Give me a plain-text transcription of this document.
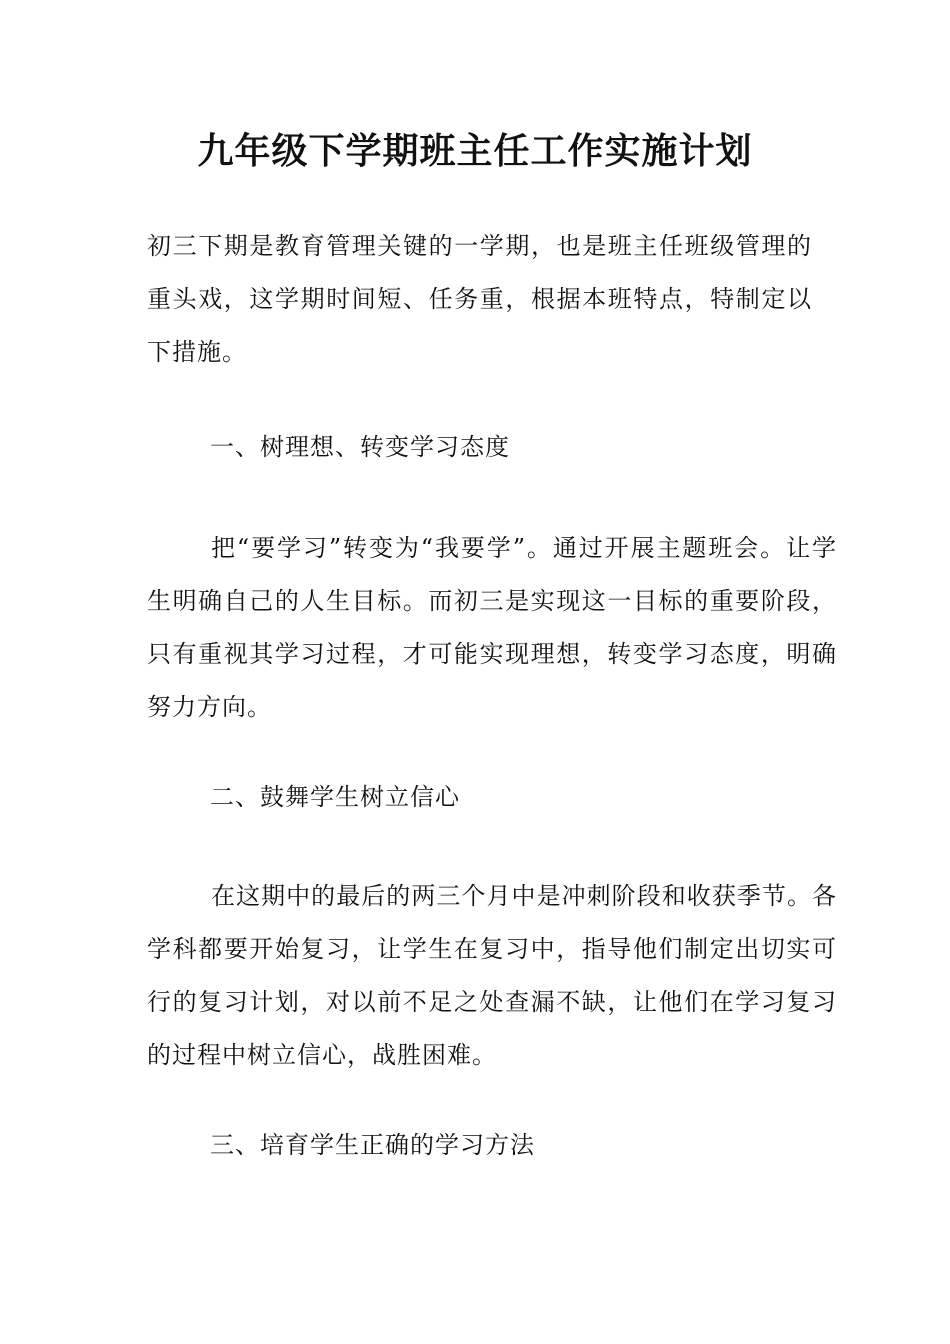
九年级下学期班主任工作实施计划

初三下期是教育管理关键的一学期，也是班主任班级管理的重头戏，这学期时间短、任务重，根据本班特点，特制定以下措施。

一、树理想、转变学习态度

把“要学习”转变为“我要学”。通过开展主题班会。让学生明确自己的人生目标。而初三是实现这一目标的重要阶段，只有重视其学习过程，才可能实现理想，转变学习态度，明确努力方向。

二、鼓舞学生树立信心

在这期中的最后的两三个月中是冲刺阶段和收获季节。各学科都要开始复习，让学生在复习中，指导他们制定出切实可行的复习计划，对以前不足之处查漏不缺，让他们在学习复习的过程中树立信心，战胜困难。

三、培育学生正确的学习方法
